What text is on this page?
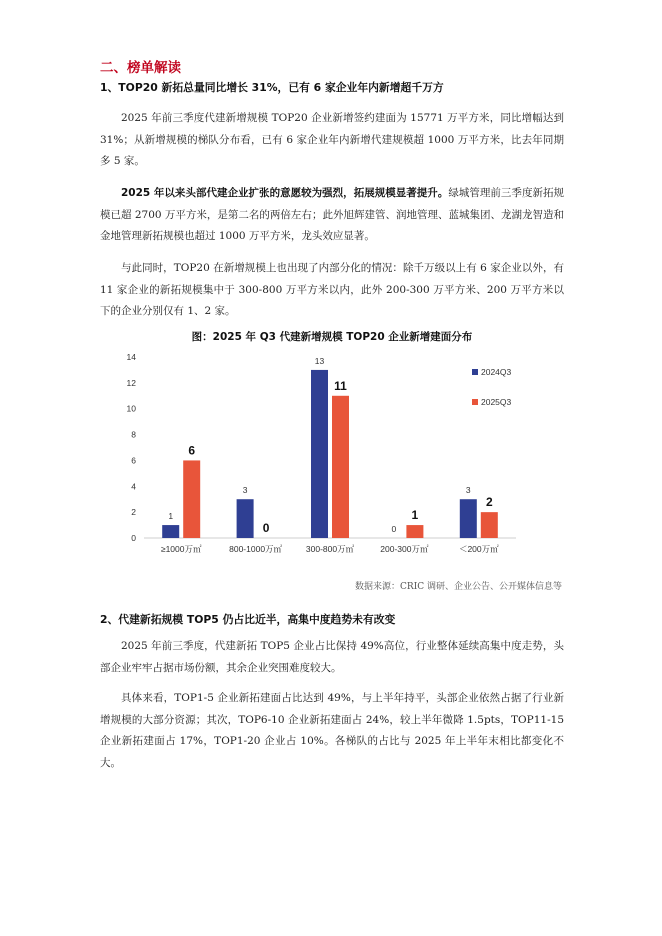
二、榜单解读
1、TOP20 新拓总量同比增长 31%，已有 6 家企业年内新增超千万方

2025 年前三季度代建新增规模 TOP20 企业新增签约建面为 15771 万平方米，同比增幅达到 31%；从新增规模的梯队分布看，已有 6 家企业年内新增代建规模超 1000 万平方米，比去年同期多 5 家。

2025 年以来头部代建企业扩张的意愿较为强烈，拓展规模显著提升。绿城管理前三季度新拓规模已超 2700 万平方米，是第二名的两倍左右；此外旭辉建管、润地管理、蓝城集团、龙湖龙智造和金地管理新拓规模也超过 1000 万平方米，龙头效应显著。

与此同时，TOP20 在新增规模上也出现了内部分化的情况：除千万级以上有 6 家企业以外，有 11 家企业的新拓规模集中于 300-800 万平方米以内，此外 200-300 万平方米、200 万平方米以下的企业分别仅有 1、2 家。

图：2025 年 Q3 代建新增规模 TOP20 企业新增建面分布
0
2
4
6
8
10
12
14
≥1000万㎡
1
6
800-1000万㎡
3
0
300-800万㎡
13
11
200-300万㎡
0
1
＜200万㎡
3
2
2024Q3
2025Q3
数据来源：CRIC 调研、企业公告、公开媒体信息等
2、代建新拓规模 TOP5 仍占比近半，高集中度趋势未有改变

2025 年前三季度，代建新拓 TOP5 企业占比保持 49%高位，行业整体延续高集中度走势，头部企业牢牢占据市场份额，其余企业突围难度较大。

具体来看，TOP1-5 企业新拓建面占比达到 49%，与上半年持平，头部企业依然占据了行业新增规模的大部分资源；其次，TOP6-10 企业新拓建面占 24%，较上半年微降 1.5pts，TOP11-15 企业新拓建面占 17%，TOP1-20 企业占 10%。各梯队的占比与 2025 年上半年末相比都变化不大。
